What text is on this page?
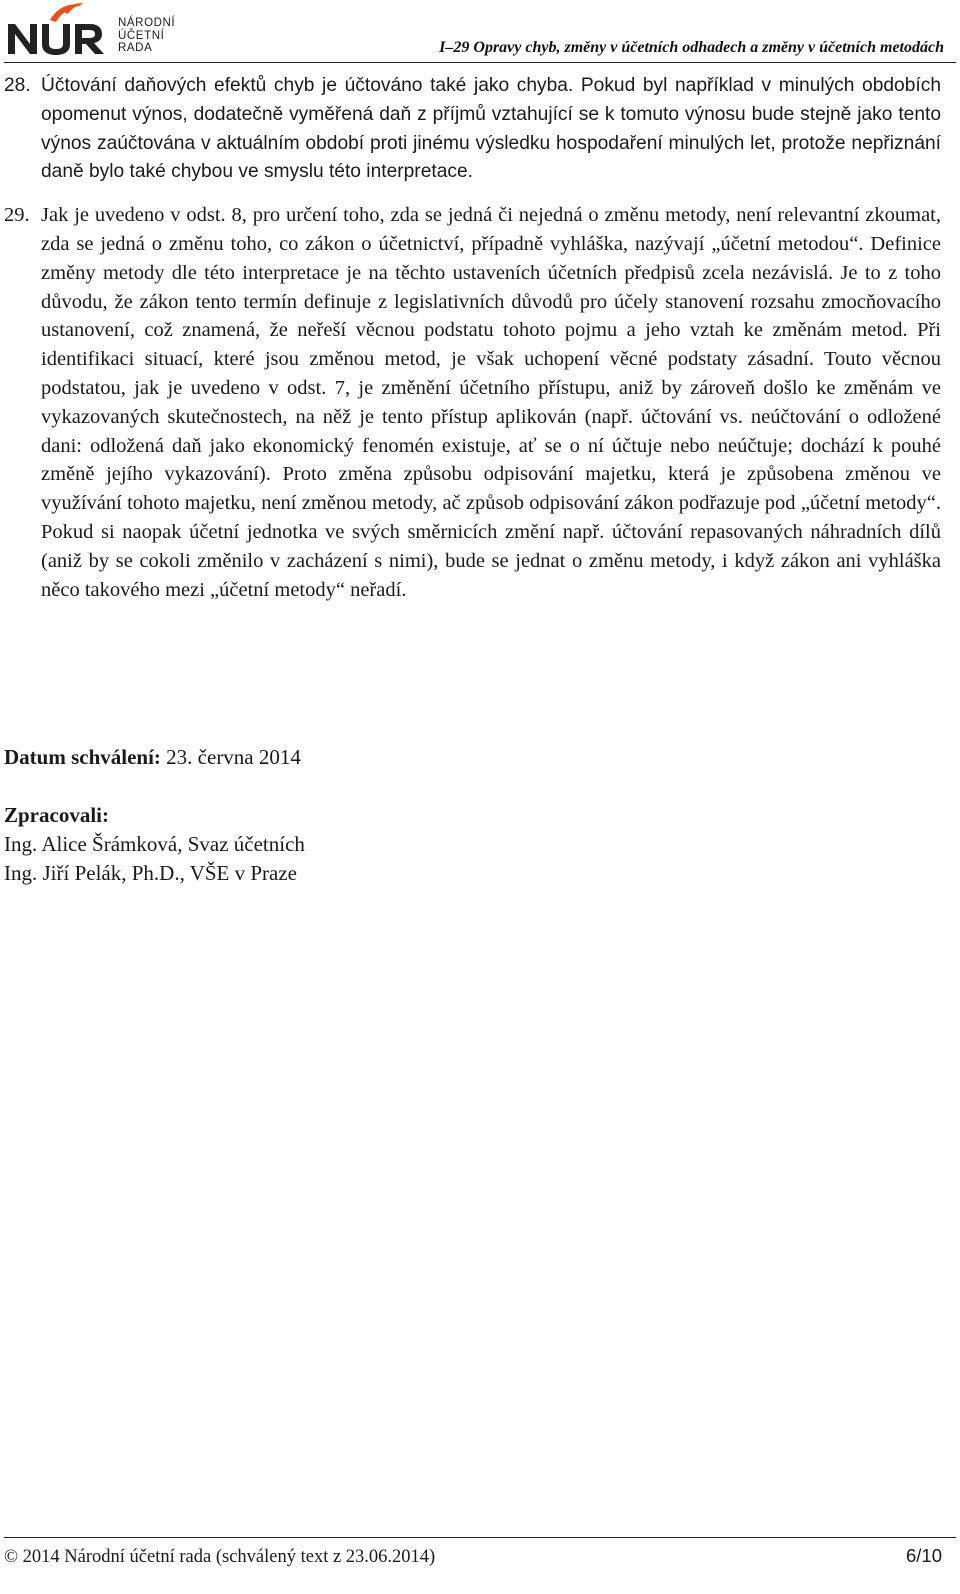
NÁRODNÍ
ÚČETNÍ
RADA	I–29 Opravy chyb, změny v účetních odhadech a změny v účetních metodách
28. Účtování daňových efektů chyb je účtováno také jako chyba. Pokud byl například v minulých obdobích opomenut výnos, dodatečně vyměřená daň z příjmů vztahující se k tomuto výnosu bude stejně jako tento výnos zaúčtována v aktuálním období proti jinému výsledku hospodaření minulých let, protože nepřiznání daně bylo také chybou ve smyslu této interpretace.
29. Jak je uvedeno v odst. 8, pro určení toho, zda se jedná či nejedná o změnu metody, není relevantní zkoumat, zda se jedná o změnu toho, co zákon o účetnictví, případně vyhláška, nazývají „účetní metodou“. Definice změny metody dle této interpretace je na těchto ustaveních účetních předpisů zcela nezávislá. Je to z toho důvodu, že zákon tento termín definuje z legislativních důvodů pro účely stanovení rozsahu zmocňovacího ustanovení, což znamená, že neřeší věcnou podstatu tohoto pojmu a jeho vztah ke změnám metod. Při identifikaci situací, které jsou změnou metod, je však uchopení věcné podstaty zásadní. Touto věcnou podstatou, jak je uvedeno v odst. 7, je změnění účetního přístupu, aniž by zároveň došlo ke změnám ve vykazovaných skutečnostech, na něž je tento přístup aplikován (např. účtování vs. neúčtování o odložené dani: odložená daň jako ekonomický fenomén existuje, ať se o ní účtuje nebo neúčtuje; dochází k pouhé změně jejího vykazování). Proto změna způsobu odpisování majetku, která je způsobena změnou ve využívání tohoto majetku, není změnou metody, ač způsob odpisování zákon podřazuje pod „účetní metody“. Pokud si naopak účetní jednotka ve svých směrnicích změní např. účtování repasovaných náhradních dílů (aniž by se cokoli změnilo v zacházení s nimi), bude se jednat o změnu metody, i když zákon ani vyhláška něco takového mezi „účetní metody“ neřadí.
Datum schválení: 23. června 2014
Zpracovali:
Ing. Alice Šrámková, Svaz účetních
Ing. Jiří Pelák, Ph.D., VŠE v Praze
© 2014 Národní účetní rada (schválený text z 23.06.2014)	6/10
